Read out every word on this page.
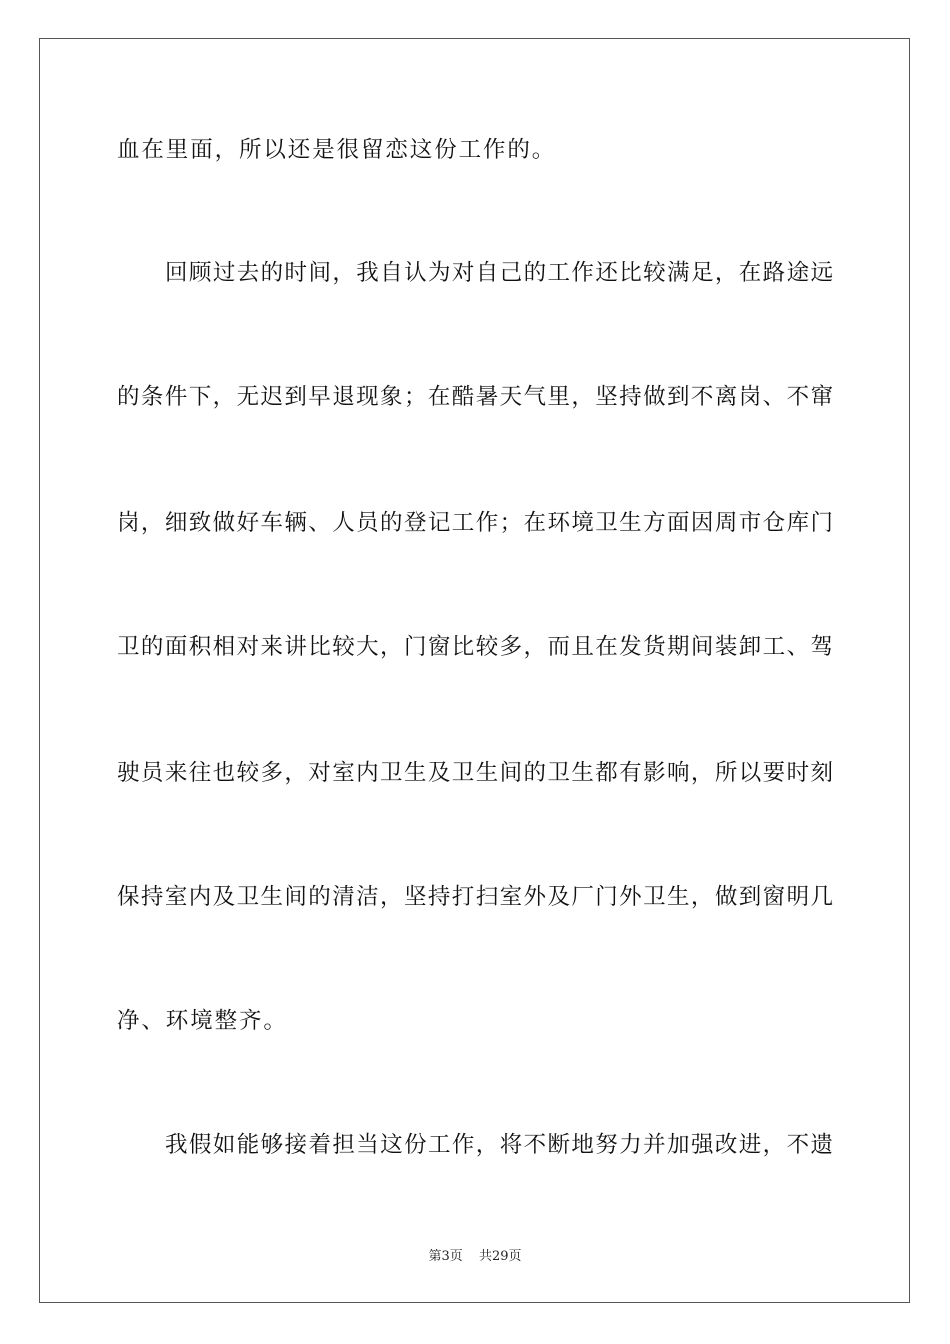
血在里面，所以还是很留恋这份工作的。
回顾过去的时间，我自认为对自己的工作还比较满足，在路途远
的条件下，无迟到早退现象；在酷暑天气里，坚持做到不离岗、不窜
岗，细致做好车辆、人员的登记工作；在环境卫生方面因周市仓库门
卫的面积相对来讲比较大，门窗比较多，而且在发货期间装卸工、驾
驶员来往也较多，对室内卫生及卫生间的卫生都有影响，所以要时刻
保持室内及卫生间的清洁，坚持打扫室外及厂门外卫生，做到窗明几
净、环境整齐。
我假如能够接着担当这份工作，将不断地努力并加强改进，不遗
第3页 共29页
